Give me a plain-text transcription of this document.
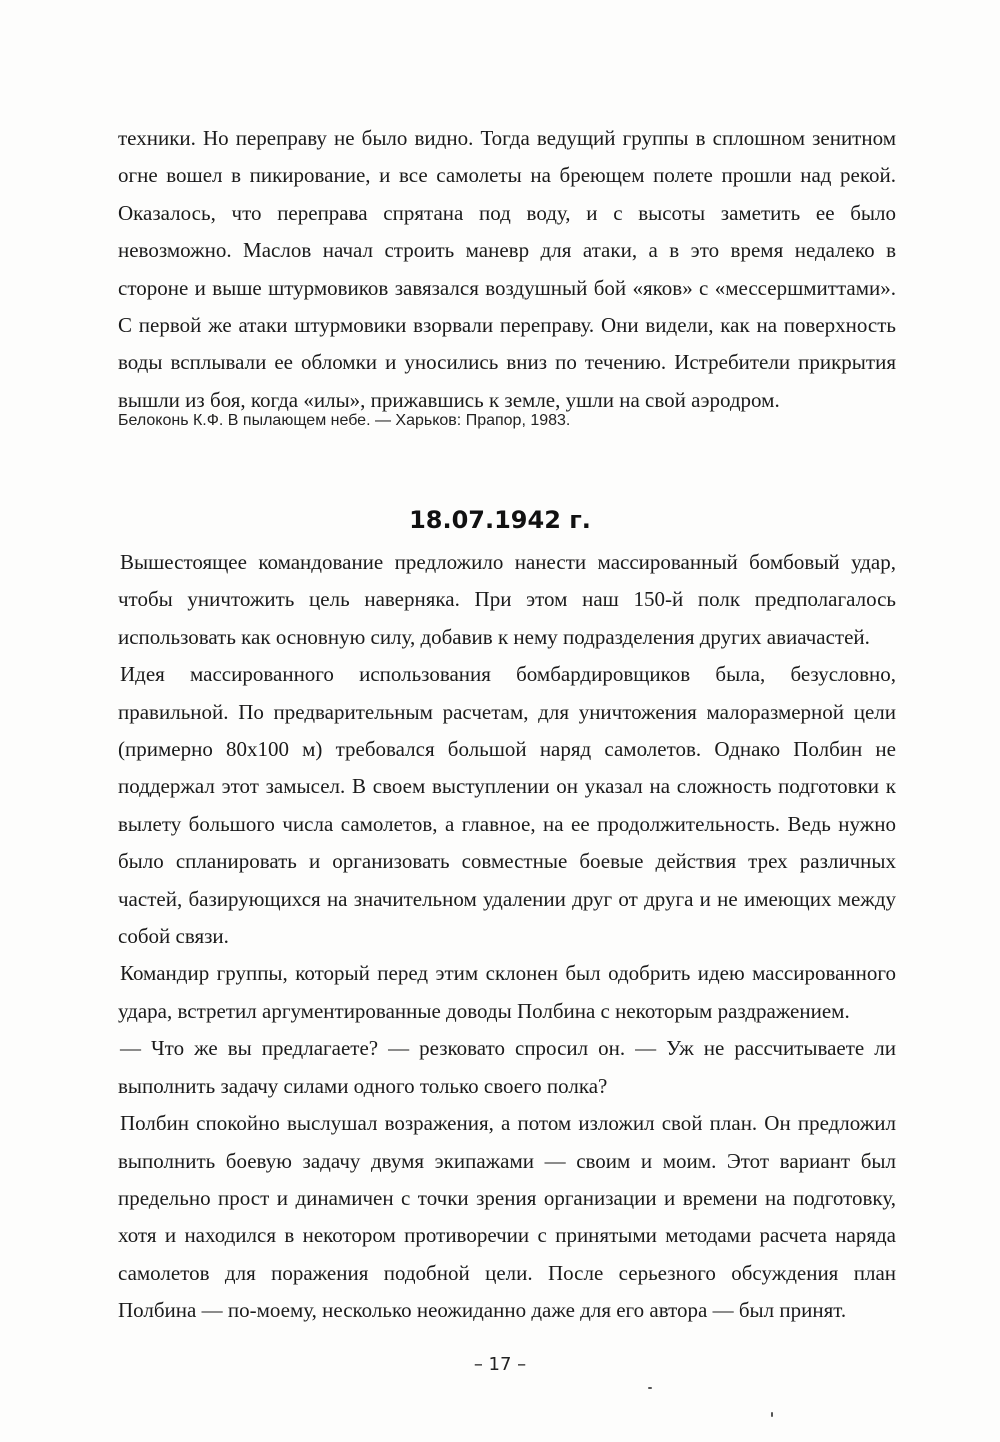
техники. Но переправу не было видно. Тогда ведущий группы в сплошном зенитном огне вошел в пикирование, и все самолеты на бреющем полете прошли над рекой. Оказалось, что переправа спрятана под воду, и с высоты заметить ее было невозможно. Маслов начал строить маневр для атаки, а в это время недалеко в стороне и выше штурмовиков завязался воздушный бой «яков» с «мессершмиттами». С первой же атаки штурмовики взорвали переправу. Они видели, как на поверхность воды всплывали ее обломки и уносились вниз по течению. Истребители прикрытия вышли из боя, когда «илы», прижавшись к земле, ушли на свой аэродром.

Белоконь К.Ф. В пылающем небе. — Харьков: Прапор, 1983.

18.07.1942 г.

Вышестоящее командование предложило нанести массированный бомбовый удар, чтобы уничтожить цель наверняка. При этом наш 150-й полк предполагалось использовать как основную силу, добавив к нему подразделения других авиачастей.

Идея массированного использования бомбардировщиков была, безусловно, правильной. По предварительным расчетам, для уничтожения малоразмерной цели (примерно 80х100 м) требовался большой наряд самолетов. Однако Полбин не поддержал этот замысел. В своем выступлении он указал на сложность подготовки к вылету большого числа самолетов, а главное, на ее продолжительность. Ведь нужно было спланировать и организовать совместные боевые действия трех различных частей, базирующихся на значительном удалении друг от друга и не имеющих между собой связи.

Командир группы, который перед этим склонен был одобрить идею массированного удара, встретил аргументированные доводы Полбина с некоторым раздражением.

— Что же вы предлагаете? — резковато спросил он. — Уж не рассчитываете ли выполнить задачу силами одного только своего полка?

Полбин спокойно выслушал возражения, а потом изложил свой план. Он предложил выполнить боевую задачу двумя экипажами — своим и моим. Этот вариант был предельно прост и динамичен с точки зрения организации и времени на подготовку, хотя и находился в некотором противоречии с принятыми методами расчета наряда самолетов для поражения подобной цели. После серьезного обсуждения план Полбина — по-моему, несколько неожиданно даже для его автора — был принят.

– 17 –
